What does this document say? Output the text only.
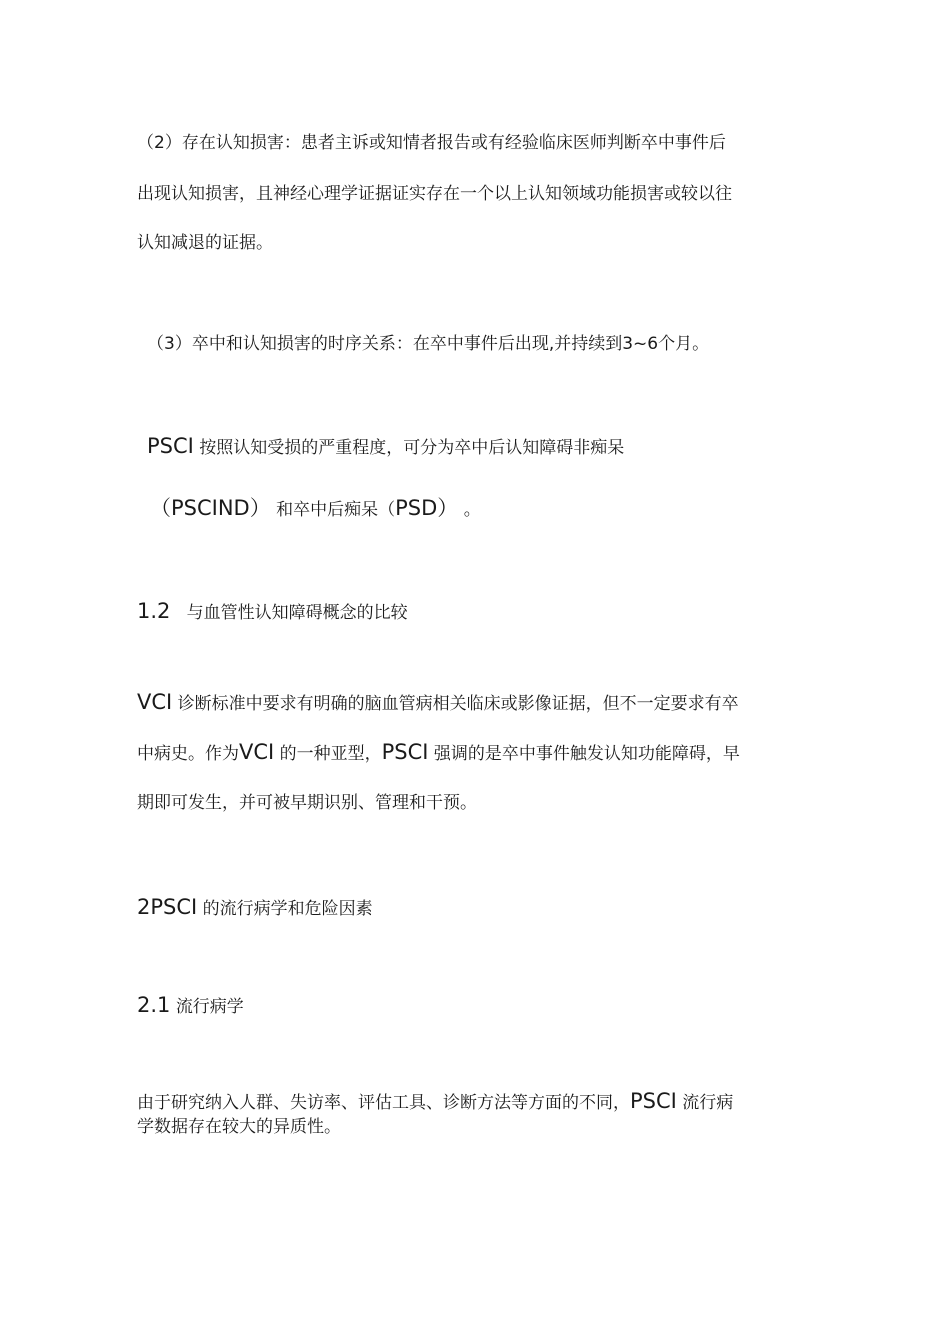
（2）存在认知损害：患者主诉或知情者报告或有经验临床医师判断卒中事件后
出现认知损害，且神经心理学证据证实存在一个以上认知领域功能损害或较以往
认知减退的证据。
（3）卒中和认知损害的时序关系：在卒中事件后出现,并持续到3~6个月。
PSCI 按照认知受损的严重程度，可分为卒中后认知障碍非痴呆
（PSCIND） 和卒中后痴呆（PSD） 。
1.2 与血管性认知障碍概念的比较
VCI 诊断标准中要求有明确的脑血管病相关临床或影像证据，但不一定要求有卒
中病史。作为VCI 的一种亚型，PSCI 强调的是卒中事件触发认知功能障碍，早
期即可发生，并可被早期识别、管理和干预。
2PSCI 的流行病学和危险因素
2.1 流行病学
由于研究纳入人群、失访率、评估工具、诊断方法等方面的不同，PSCI 流行病
学数据存在较大的异质性。
